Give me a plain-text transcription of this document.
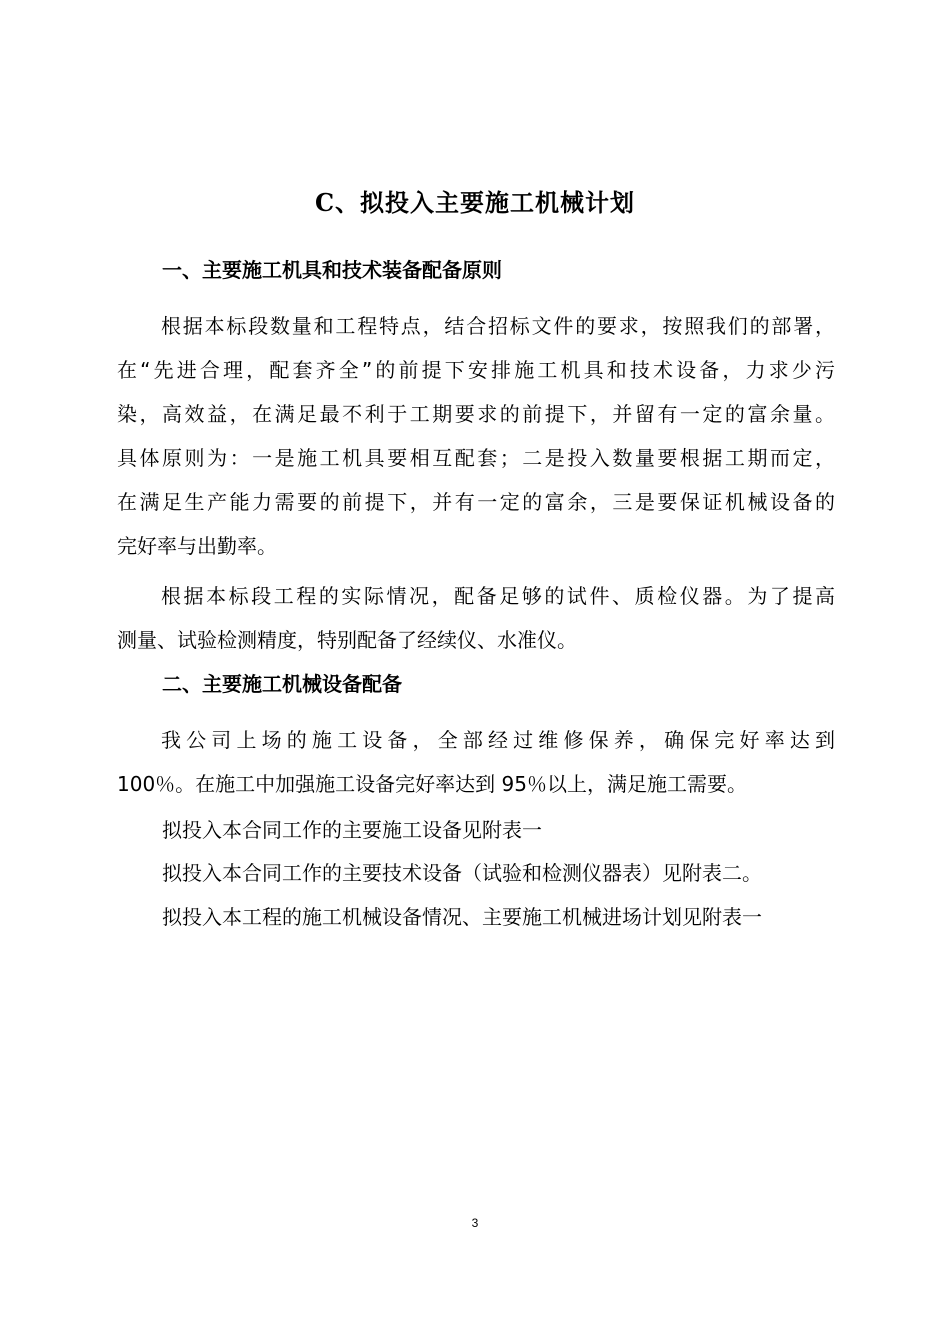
C、拟投入主要施工机械计划
一、主要施工机具和技术装备配备原则
根据本标段数量和工程特点，结合招标文件的要求，按照我们的部署，
在“先进合理，配套齐全”的前提下安排施工机具和技术设备，力求少污
染，高效益，在满足最不利于工期要求的前提下，并留有一定的富余量。
具体原则为：一是施工机具要相互配套；二是投入数量要根据工期而定，
在满足生产能力需要的前提下，并有一定的富余，三是要保证机械设备的
完好率与出勤率。
根据本标段工程的实际情况，配备足够的试件、质检仪器。为了提高
测量、试验检测精度，特别配备了经续仪、水准仪。
二、主要施工机械设备配备
我公司上场的施工设备，全部经过维修保养，确保完好率达到
100％。在施工中加强施工设备完好率达到 95％以上，满足施工需要。

拟投入本合同工作的主要施工设备见附表一

拟投入本合同工作的主要技术设备（试验和检测仪器表）见附表二。

拟投入本工程的施工机械设备情况、主要施工机械进场计划见附表一

3
